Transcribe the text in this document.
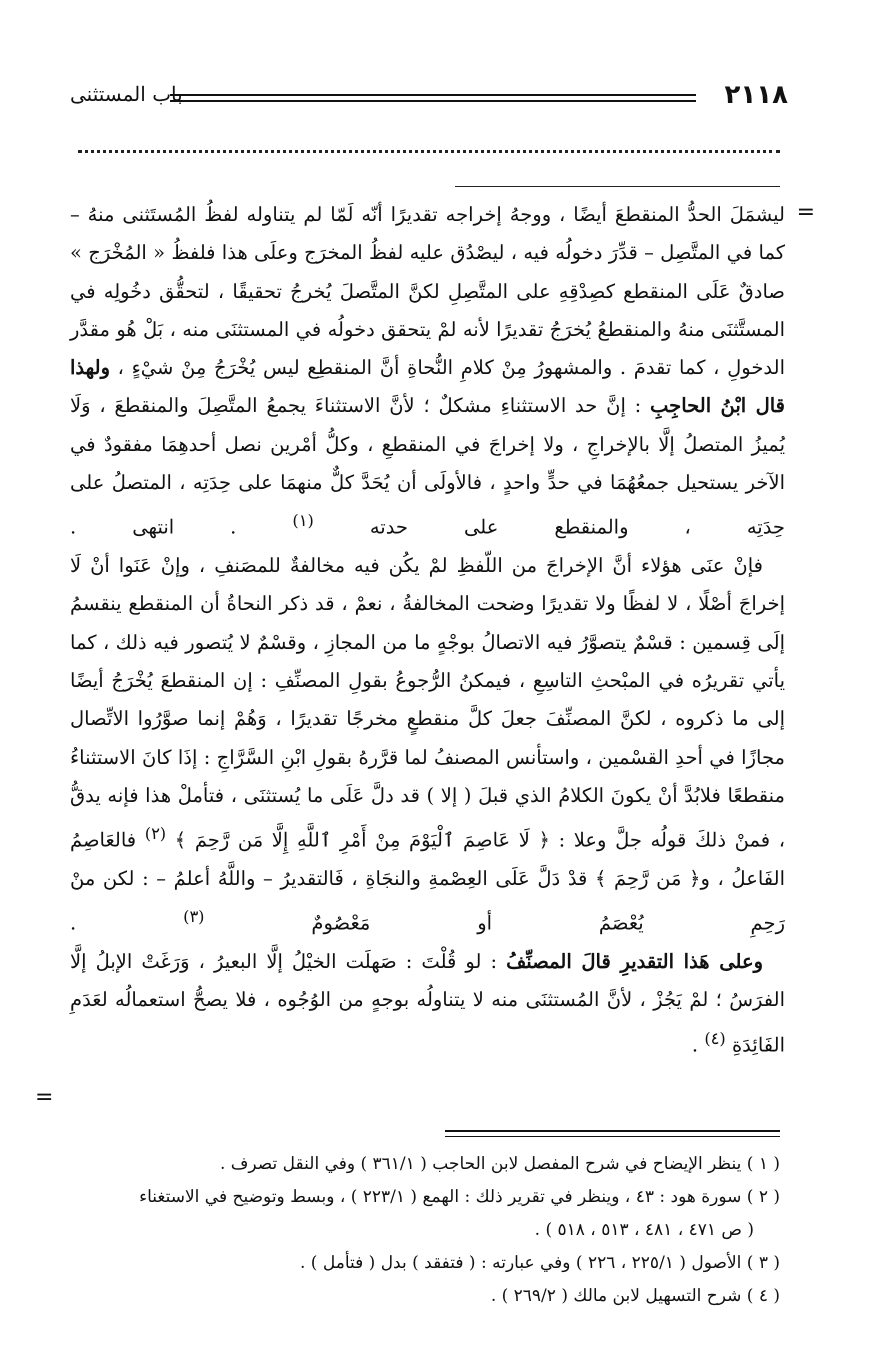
٢١١٨
باب المستثنى
=
=

ليشمَلَ الحدُّ المنقطعَ أيضًا ، ووجهُ إخراجه تقديرًا أنّه لَمّا لم يتناوله لفظُ المُستَثنى منهُ – كما في المتَّصِل – قدِّرَ دخولُه فيه ، ليصْدُق عليه لفظُ المخرَج وعلَى هذا فلفظُ « المُخْرَج » صادقٌ عَلَى المنقطع كصِدْقِهِ على المتَّصِلِ لكنَّ المتَّصلَ يُخرجُ تحقيقًا ، لتحقُّق دخُولِه في المستَّثنَى منهُ والمنقطعُ يُخرَجُ تقديرًا لأنه لمْ يتحقق دخولُه في المستثنَى منه ، بَلْ هُو مقدَّر الدخولِ ، كما تقدمَ . والمشهورُ مِنْ كلامِ النُّحاةِ أنَّ المنقطِع ليس يُخْرَجُ مِنْ شيْءٍ ، ولهذا قال ابْنُ الحاجِبِ : إنَّ حد الاستثناءِ مشكلٌ ؛ لأنَّ الاستثناءَ يجمعُ المتَّصِلَ والمنقطعَ ، وَلَا يُميزُ المتصلُ إلَّا بالإخراجِ ، ولا إخراجَ في المنقطعِ ، وكلُّ أمْرين نصل أحدهِمَا مفقودٌ في الآخر يستحيل جمعُهُمَا في حدٍّ واحدٍ ، فالأولَى أن يُحَدَّ كلٌّ منهمَا على حِدَتِه ، المتصلُ على حِدَتِه ، والمنقطع على حدته $^{(١)}$ . انتهى .

فإنْ عنَى هؤلاء أنَّ الإخراجَ من اللّفظِ لمْ يكُن فيه مخالفةٌ للمصَنفِ ، وإنْ عَنَوا أنْ لَا إخراجَ أصْلًا ، لا لفظًا ولا تقديرًا وضحت المخالفةُ ، نعمْ ، قد ذكر النحاةُ أن المنقطع ينقسمُ إلَى قِسمين : قسْمٌ يتصوَّرُ فيه الاتصالُ بوجْهٍ ما من المجازِ ، وقسْمٌ لا يُتصور فيه ذلك ، كما يأتي تقريرُه في المبْحثِ التاسِعِ ، فيمكنُ الرُّجوعُ بقولِ المصنِّفِ : إن المنقطعَ يُخْرَجُ أيضًا إلى ما ذكروه ، لكنَّ المصنِّفَ جعلَ كلَّ منقطعٍ مخرجًا تقديرًا ، وَهُمْ إنما صوَّرُوا الاتِّصال مجازًا في أحدِ القسْمين ، واستأنس المصنفُ لما قرَّرهُ بقولِ ابْنِ السَّرَّاجِ : إذَا كانَ الاستثناءُ منقطعًا فلابُدَّ أنْ يكونَ الكلامُ الذي قبلَ ( إلا ) قد دلَّ عَلَى ما يُستثنَى ، فتأملْ هذا فإنه يدقُّ ، فمنْ ذلكَ قولُه جلَّ وعلا : ﴿ لَا عَاصِمَ ٱلْيَوْمَ مِنْ أَمْرِ ٱللَّهِ إِلَّا مَن رَّحِمَ ﴾ $^{(٢)}$ فالعَاصِمُ الفَاعلُ ، و﴿ مَن رَّحِمَ ﴾ قدْ دَلَّ عَلَى العِصْمةِ والنجَاةِ ، فَالتقديرُ – واللَّهُ أعلمُ – : لكن منْ رَحِمِ يُعْصَمُ أو مَعْصُومٌ $^{(٣)}$ .

وعلى هَذا التقديرِ قالَ المصنِّفُ : لو قُلْتَ : صَهلَت الخيْلُ إلَّا البعيرُ ، وَرَغَتْ الإبلُ إلَّا الفرَسُ ؛ لمْ يَجُزْ ، لأنَّ المُستثنَى منه لا يتناولُه بوجهٍ من الوُجُوه ، فلا يصحُّ استعمالُه لعَدَمِ الفَائِدَةِ $^{(٤)}$ .

( ١ ) ينظر الإيضاح في شرح المفصل لابن الحاجب ( ٣٦١/١ ) وفي النقل تصرف .

( ٢ ) سورة هود : ٤٣ ، وينظر في تقرير ذلك : الهمع ( ٢٢٣/١ ) ، وبسط وتوضيح في الاستغناء

( ص ٤٧١ ، ٤٨١ ، ٥١٣ ، ٥١٨ ) .

( ٣ ) الأصول ( ٢٢٥/١ ، ٢٢٦ ) وفي عبارته : ( فتفقد ) بدل ( فتأمل ) .

( ٤ ) شرح التسهيل لابن مالك ( ٢٦٩/٢ ) .
